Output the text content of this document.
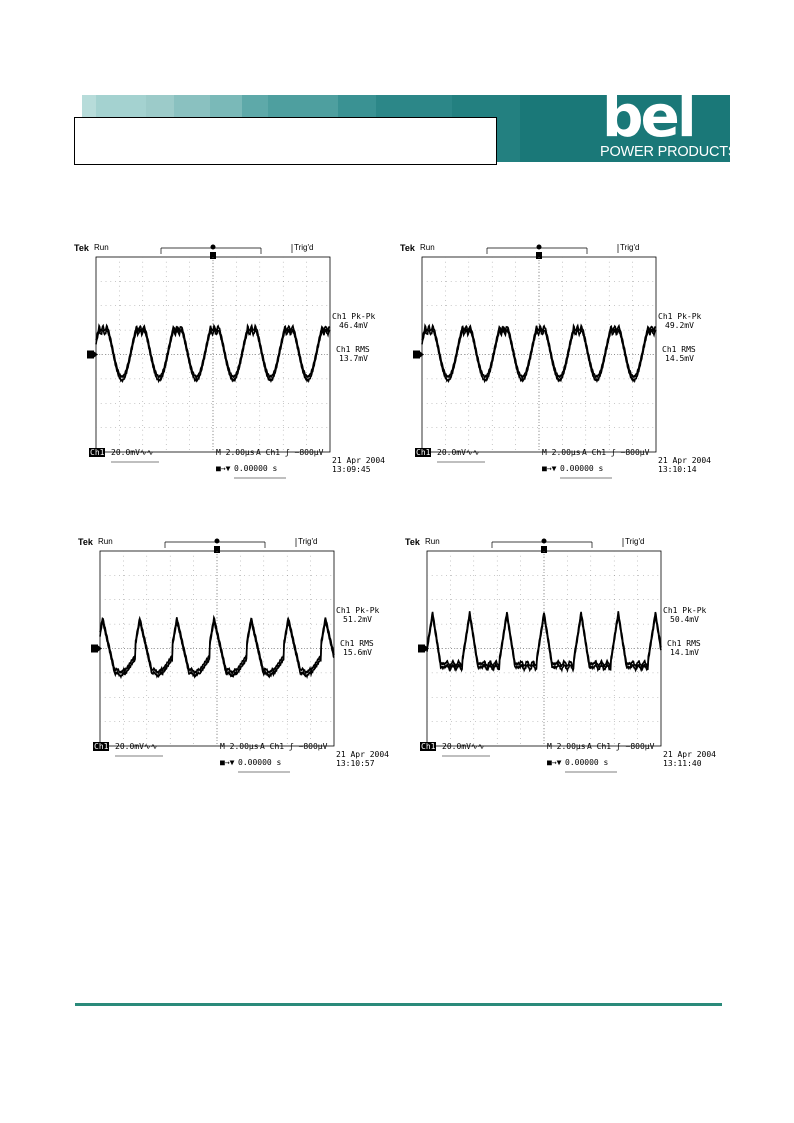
bel
POWER PRODUCTS
Tek Run	Trig'd
Ch1 Pk-Pk
46.4mV
Ch1 RMS
13.7mV
Ch1 20.0mV∿∿	M 2.00µs A Ch1 ʃ −800µV
■→▼ 0.00000 s
21 Apr 2004
13:09:45
Tek Run	Trig'd
Ch1 Pk-Pk
49.2mV
Ch1 RMS
14.5mV
Ch1 20.0mV∿∿	M 2.00µs A Ch1 ʃ −800µV
■→▼ 0.00000 s
21 Apr 2004
13:10:14
Tek Run	Trig'd
Ch1 Pk-Pk
51.2mV
Ch1 RMS
15.6mV
Ch1 20.0mV∿∿	M 2.00µs A Ch1 ʃ −800µV
■→▼ 0.00000 s
21 Apr 2004
13:10:57
Tek Run	Trig'd
Ch1 Pk-Pk
50.4mV
Ch1 RMS
14.1mV
Ch1 20.0mV∿∿	M 2.00µs A Ch1 ʃ −800µV
■→▼ 0.00000 s
21 Apr 2004
13:11:40
